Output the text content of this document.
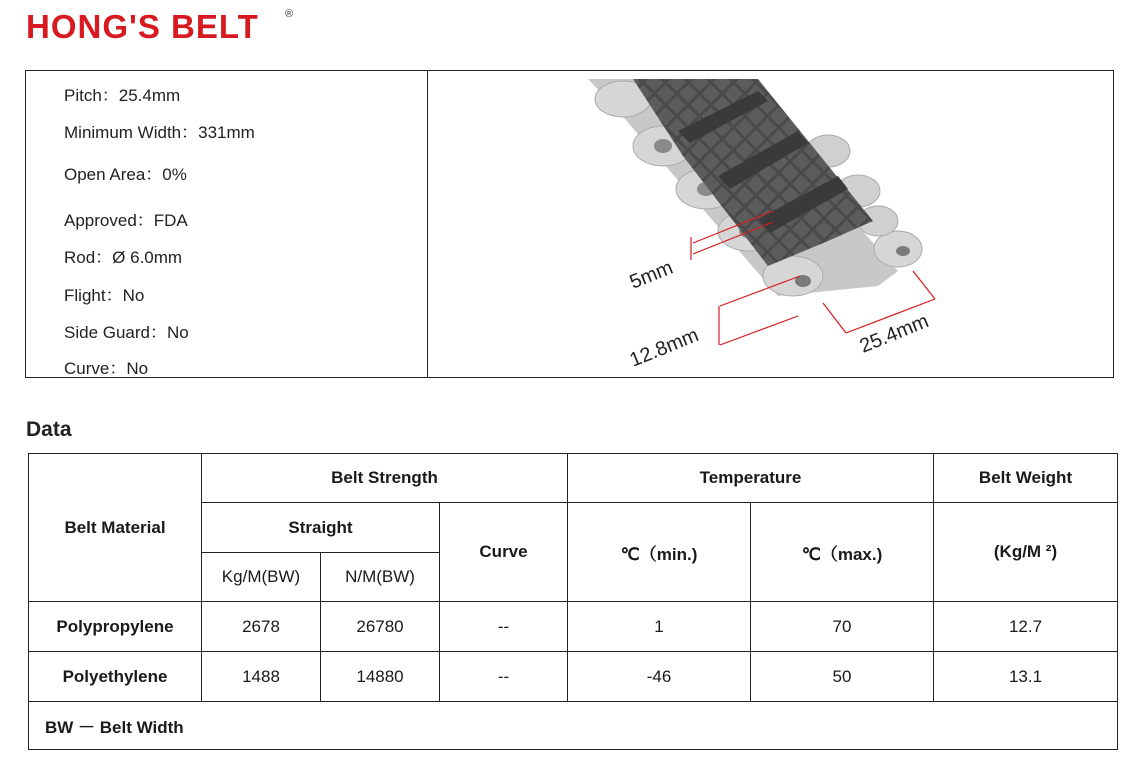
HONG'S BELT ®
Pitch：25.4mm
Minimum Width：331mm
Open Area：0%
Approved：FDA
Rod：Ø 6.0mm
Flight：No
Side Guard：No
Curve：No
5mm
12.8mm	25.4mm
Data
Belt Material	Belt Strength			Temperature		Belt Weight
	Straight		Curve	℃（min.)	℃（max.)	(Kg/M ²)
	Kg/M(BW)	N/M(BW)				
Polypropylene	2678	26780	--	1	70	12.7
Polyethylene	1488	14880	--	-46	50	13.1
BW － Belt Width						
